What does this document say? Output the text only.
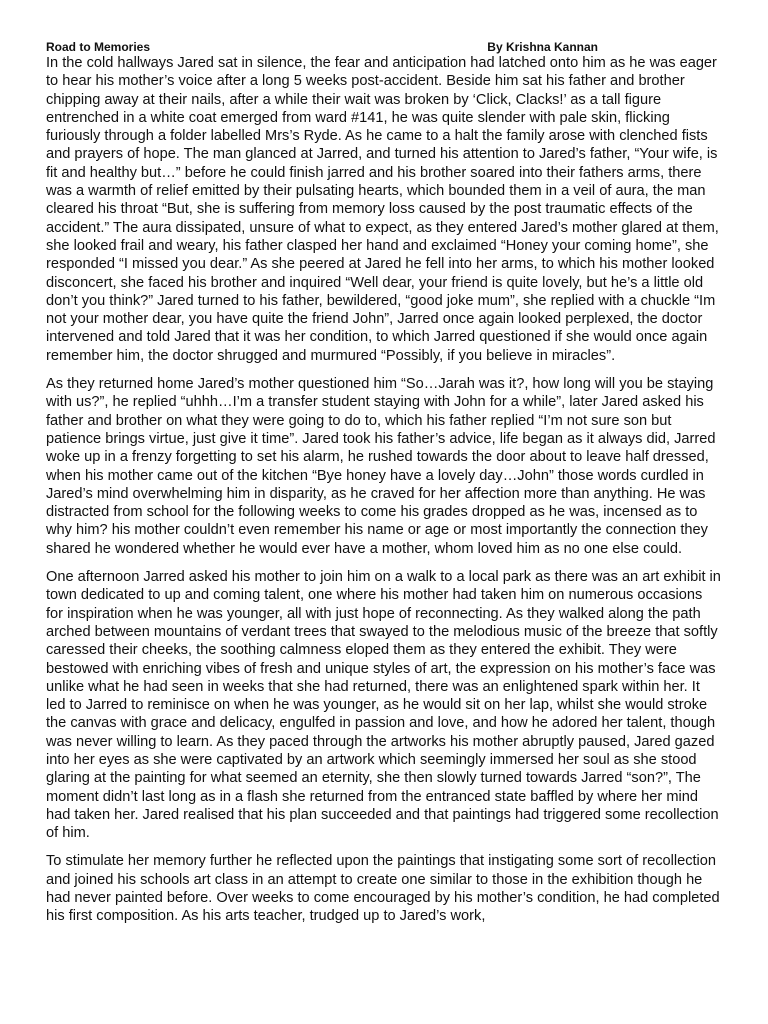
Road to Memories	By Krishna Kannan

In the cold hallways Jared sat in silence, the fear and anticipation had latched onto him as he was eager to hear his mother’s voice after a long 5 weeks post-accident. Beside him sat his father and brother chipping away at their nails, after a while their wait was broken by ‘Click, Clacks!’ as a tall figure entrenched in a white coat emerged from ward #141, he was quite slender with pale skin, flicking furiously through a folder labelled Mrs’s Ryde. As he came to a halt the family arose with clenched fists and prayers of hope. The man glanced at Jarred, and turned his attention to Jared’s father, “Your wife, is fit and healthy but…” before he could finish jarred and his brother soared into their fathers arms, there was a warmth of relief emitted by their pulsating hearts, which bounded them in a veil of aura, the man cleared his throat “But, she is suffering from memory loss caused by the post traumatic effects of the accident.” The aura dissipated, unsure of what to expect, as they entered Jared’s mother glared at them, she looked frail and weary, his father clasped her hand and exclaimed “Honey your coming home”, she responded “I missed you dear.” As she peered at Jared he fell into her arms, to which his mother looked disconcert, she faced his brother and inquired “Well dear, your friend is quite lovely, but he’s a little old don’t you think?” Jared turned to his father, bewildered, “good joke mum”, she replied with a chuckle “Im not your mother dear, you have quite the friend John”, Jarred once again looked perplexed, the doctor intervened and told Jared that it was her condition, to which Jarred questioned if she would once again remember him, the doctor shrugged and murmured “Possibly, if you believe in miracles”.

As they returned home Jared’s mother questioned him “So…Jarah was it?, how long will you be staying with us?”, he replied “uhhh…I’m a transfer student staying with John for a while”, later Jared asked his father and brother on what they were going to do to, which his father replied “I’m not sure son but patience brings virtue, just give it time”. Jared took his father’s advice, life began as it always did, Jarred woke up in a frenzy forgetting to set his alarm, he rushed towards the door about to leave half dressed, when his mother came out of the kitchen “Bye honey have a lovely day…John” those words curdled in Jared’s mind overwhelming him in disparity, as he craved for her affection more than anything. He was distracted from school for the following weeks to come his grades dropped as he was, incensed as to why him? his mother couldn’t even remember his name or age or most importantly the connection they shared he wondered whether he would ever have a mother, whom loved him as no one else could.

One afternoon Jarred asked his mother to join him on a walk to a local park as there was an art exhibit in town dedicated to up and coming talent, one where his mother had taken him on numerous occasions for inspiration when he was younger, all with just hope of reconnecting. As they walked along the path arched between mountains of verdant trees that swayed to the melodious music of the breeze that softly caressed their cheeks, the soothing calmness eloped them as they entered the exhibit. They were bestowed with enriching vibes of fresh and unique styles of art, the expression on his mother’s face was unlike what he had seen in weeks that she had returned, there was an enlightened spark within her. It led to Jarred to reminisce on when he was younger, as he would sit on her lap, whilst she would stroke the canvas with grace and delicacy, engulfed in passion and love, and how he adored her talent, though was never willing to learn. As they paced through the artworks his mother abruptly paused, Jared gazed into her eyes as she were captivated by an artwork which seemingly immersed her soul as she stood glaring at the painting for what seemed an eternity, she then slowly turned towards Jarred “son?”, The moment didn’t last long as in a flash she returned from the entranced state baffled by where her mind had taken her. Jared realised that his plan succeeded and that paintings had triggered some recollection of him.

To stimulate her memory further he reflected upon the paintings that instigating some sort of recollection and joined his schools art class in an attempt to create one similar to those in the exhibition though he had never painted before. Over weeks to come encouraged by his mother’s condition, he had completed his first composition. As his arts teacher, trudged up to Jared’s work,
